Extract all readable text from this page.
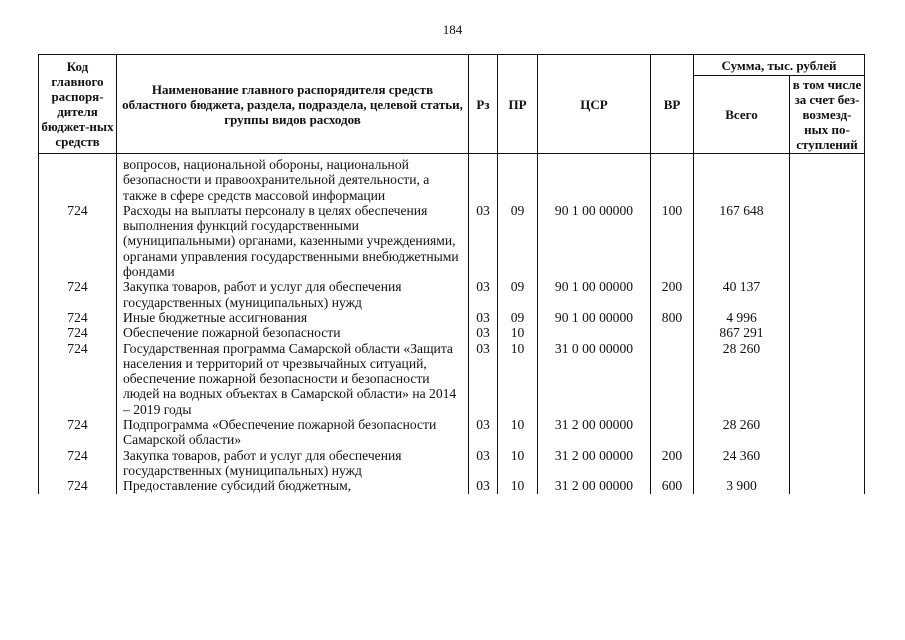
184
Код главного распоря-дителя бюджет-ных средств	Наименование главного распорядителя средств областного бюджета, раздела, подраздела, целевой статьи, группы видов расходов	Рз	ПР	ЦСР	ВР	Сумма, тыс. рублей	
						Всего	в том числе за счет без-возмезд-ных по-ступлений
	вопросов, национальной обороны, национальной безопасности и правоохранительной деятельности, а также в сфере средств массовой информации						
724	Расходы на выплаты персоналу в целях обеспечения выполнения функций государственными (муниципальными) органами, казенными учреждениями, органами управления государственными внебюджетными фондами	03	09	90 1 00 00000	100	167 648	
724	Закупка товаров, работ и услуг для обеспечения государственных (муниципальных) нужд	03	09	90 1 00 00000	200	40 137	
724	Иные бюджетные ассигнования	03	09	90 1 00 00000	800	4 996	
724	Обеспечение пожарной безопасности	03	10			867 291	
724	Государственная программа Самарской области «Защита населения и территорий от чрезвычайных ситуаций, обеспечение пожарной безопасности и безопасности людей на водных объектах в Самарской области» на 2014 – 2019 годы	03	10	31 0 00 00000		28 260	
724	Подпрограмма «Обеспечение пожарной безопасности Самарской области»	03	10	31 2 00 00000		28 260	
724	Закупка товаров, работ и услуг для обеспечения государственных (муниципальных) нужд	03	10	31 2 00 00000	200	24 360	
724	Предоставление субсидий бюджетным,	03	10	31 2 00 00000	600	3 900	
